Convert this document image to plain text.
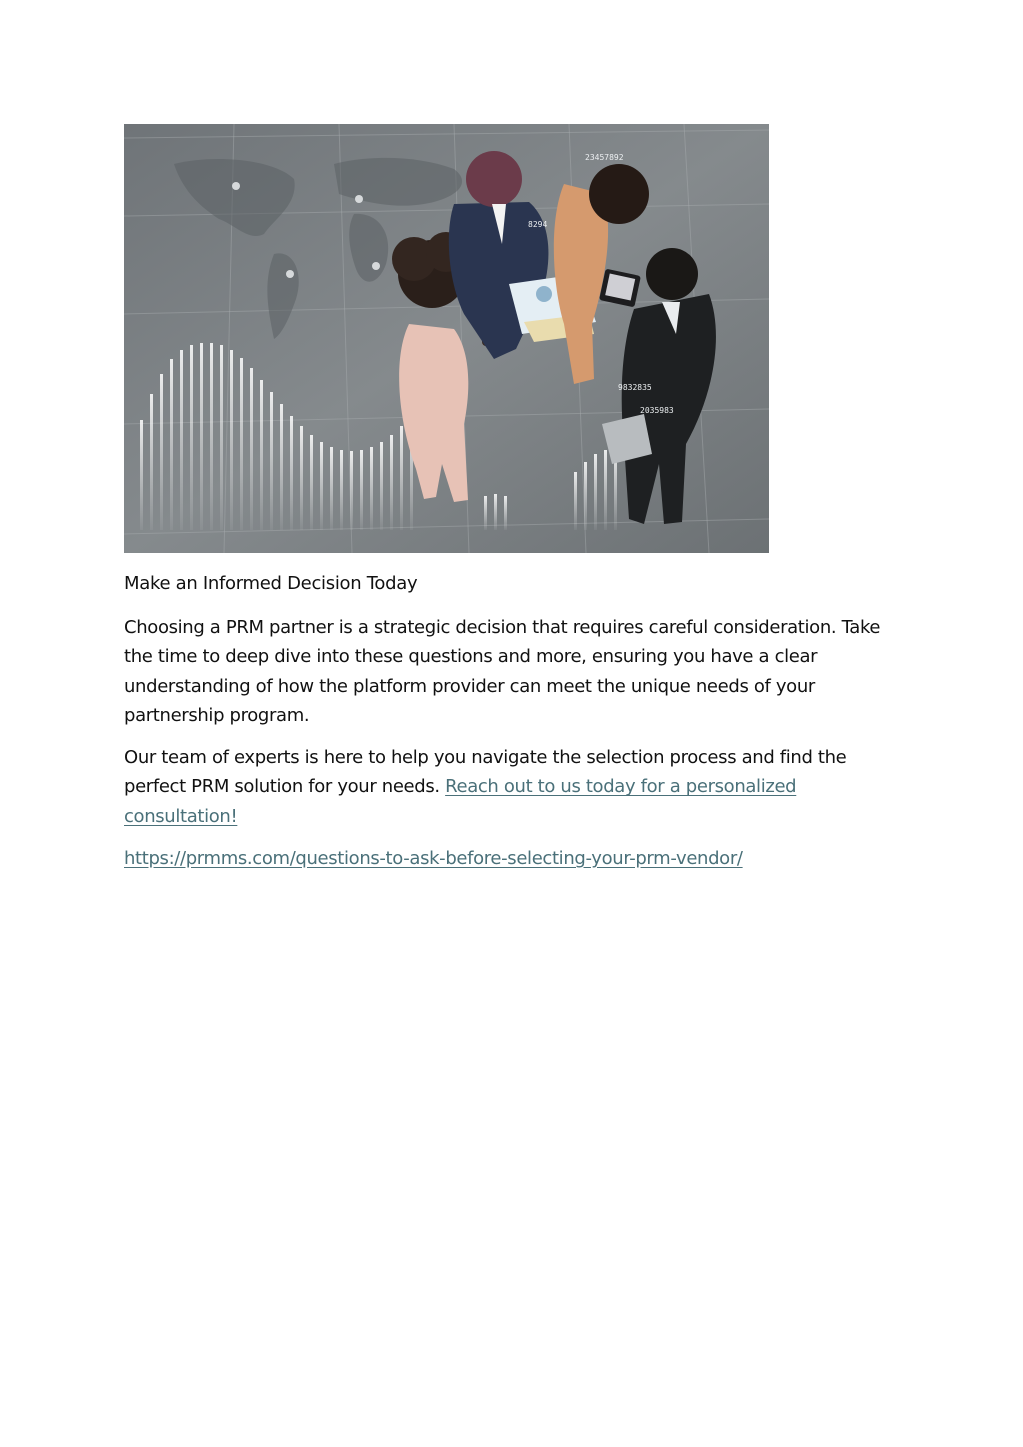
23457892
8294
9832835
2035983

Make an Informed Decision Today

Choosing a PRM partner is a strategic decision that requires careful consideration. Take the time to deep dive into these questions and more, ensuring you have a clear understanding of how the platform provider can meet the unique needs of your partnership program.

Our team of experts is here to help you navigate the selection process and find the perfect PRM solution for your needs. Reach out to us today for a personalized consultation!

https://prmms.com/questions-to-ask-before-selecting-your-prm-vendor/
